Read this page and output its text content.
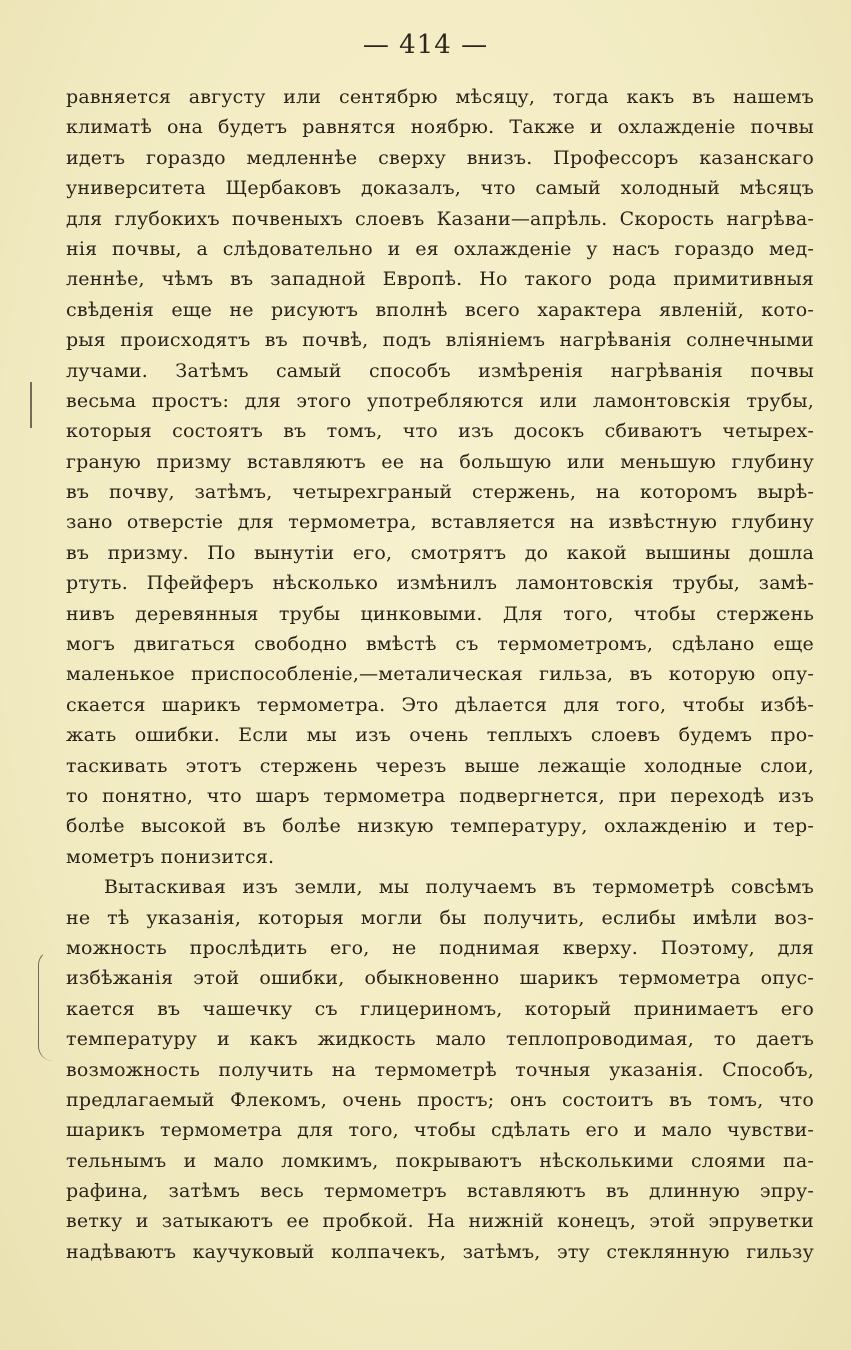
— 414 —
равняется августу или сентябрю мѣсяцу, тогда какъ въ нашемъ
климатѣ она будетъ равнятся ноябрю. Также и охлажденіе почвы
идетъ гораздо медленнѣе сверху внизъ. Профессоръ казанскаго
университета Щербаковъ доказалъ, что самый холодный мѣсяцъ
для глубокихъ почвеныхъ слоевъ Казани—апрѣль. Скорость нагрѣва-
нія почвы, а слѣдовательно и ея охлажденіе у насъ гораздо мед-
леннѣе, чѣмъ въ западной Европѣ. Но такого рода примитивныя
свѣденія еще не рисуютъ вполнѣ всего характера явленій, кото-
рыя происходятъ въ почвѣ, подъ вліяніемъ нагрѣванія солнечными
лучами. Затѣмъ самый способъ измѣренія нагрѣванія почвы
весьма простъ: для этого употребляются или ламонтовскія трубы,
которыя состоятъ въ томъ, что изъ досокъ сбиваютъ четырех-
граную призму вставляютъ ее на большую или меньшую глубину
въ почву, затѣмъ, четырехграный стержень, на которомъ вырѣ-
зано отверстіе для термометра, вставляется на извѣстную глубину
въ призму. По вынутіи его, смотрятъ до какой вышины дошла
ртуть. Пфейферъ нѣсколько измѣнилъ ламонтовскія трубы, замѣ-
нивъ деревянныя трубы цинковыми. Для того, чтобы стержень
могъ двигаться свободно вмѣстѣ съ термометромъ, сдѣлано еще
маленькое приспособленіе,—металическая гильза, въ которую опу-
скается шарикъ термометра. Это дѣлается для того, чтобы избѣ-
жать ошибки. Если мы изъ очень теплыхъ слоевъ будемъ про-
таскивать этотъ стержень черезъ выше лежащіе холодные слои,
то понятно, что шаръ термометра подвергнется, при переходѣ изъ
болѣе высокой въ болѣе низкую температуру, охлажденію и тер-
мометръ понизится.
Вытаскивая изъ земли, мы получаемъ въ термометрѣ совсѣмъ
не тѣ указанія, которыя могли бы получить, еслибы имѣли воз-
можность прослѣдить его, не поднимая кверху. Поэтому, для
избѣжанія этой ошибки, обыкновенно шарикъ термометра опус-
кается въ чашечку съ глицериномъ, который принимаетъ его
температуру и какъ жидкость мало теплопроводимая, то даетъ
возможность получить на термометрѣ точныя указанія. Способъ,
предлагаемый Флекомъ, очень простъ; онъ состоитъ въ томъ, что
шарикъ термометра для того, чтобы сдѣлать его и мало чувстви-
тельнымъ и мало ломкимъ, покрываютъ нѣсколькими слоями па-
рафина, затѣмъ весь термометръ вставляютъ въ длинную эпру-
ветку и затыкаютъ ее пробкой. На нижній конецъ, этой эпруветки
надѣваютъ каучуковый колпачекъ, затѣмъ, эту стеклянную гильзу
